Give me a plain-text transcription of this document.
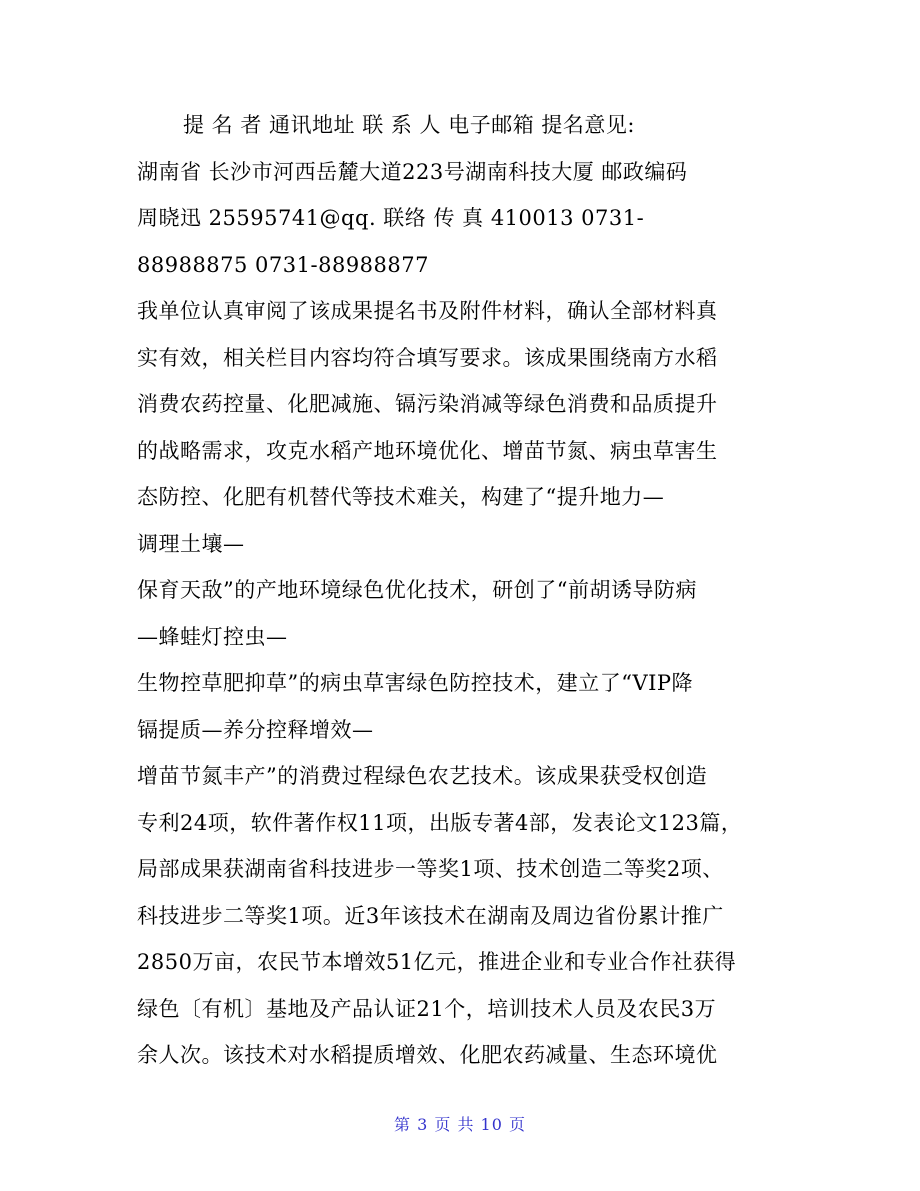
提 名 者 通讯地址 联 系 人 电子邮箱 提名意见:
湖南省 长沙市河西岳麓大道223号湖南科技大厦 邮政编码
周晓迅 25595741@qq. 联络 传 真 410013 0731-
88988875 0731-88988877
我单位认真审阅了该成果提名书及附件材料，确认全部材料真
实有效，相关栏目内容均符合填写要求。该成果围绕南方水稻
消费农药控量、化肥减施、镉污染消减等绿色消费和品质提升
的战略需求，攻克水稻产地环境优化、增苗节氮、病虫草害生
态防控、化肥有机替代等技术难关，构建了“提升地力—
调理土壤—
保育天敌”的产地环境绿色优化技术，研创了“前胡诱导防病
—蜂蛙灯控虫—
生物控草肥抑草”的病虫草害绿色防控技术，建立了“VIP降
镉提质—养分控释增效—
增苗节氮丰产”的消费过程绿色农艺技术。该成果获受权创造
专利24项，软件著作权11项，出版专著4部，发表论文123篇，
局部成果获湖南省科技进步一等奖1项、技术创造二等奖2项、
科技进步二等奖1项。近3年该技术在湖南及周边省份累计推广
2850万亩，农民节本增效51亿元，推进企业和专业合作社获得
绿色〔有机〕基地及产品认证21个，培训技术人员及农民3万
余人次。该技术对水稻提质增效、化肥农药减量、生态环境优
第 3 页 共 10 页
